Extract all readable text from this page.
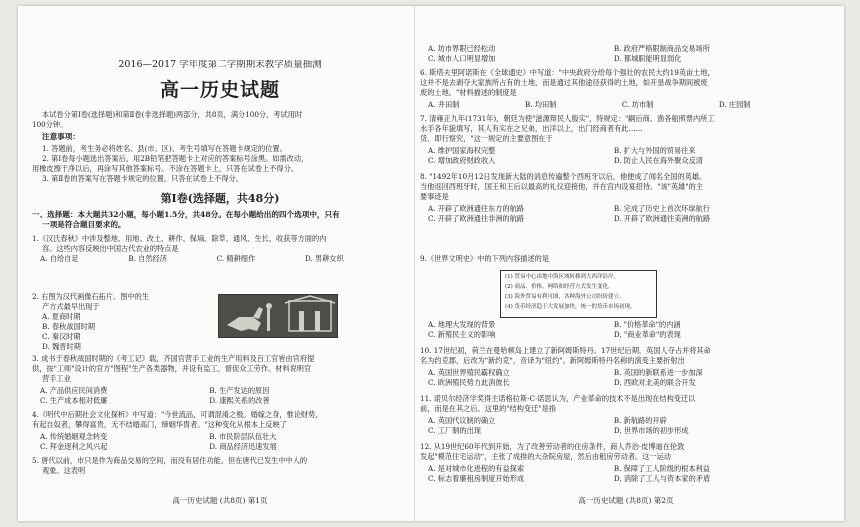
2016—2017 学年度第二学期期末教学质量抽测
高一历史试题
本试卷分第Ⅰ卷(选择题)和第Ⅱ卷(非选择题)两部分，共8页，满分100分，考试用时
100分钟。
注意事项：
1. 答题前，考生务必将姓名、县(市、区)、考生号填写在答题卡规定的位置。
2. 第Ⅰ卷每小题选出答案后，用2B铅笔把答题卡上对应的答案标号涂黑。如需改动，
用橡皮擦干净以后，再涂写其他答案标号。不涂在答题卡上，只答在试卷上不得分。
3. 第Ⅱ卷的答案写在答题卡规定的位置，只答在试卷上不得分。
第Ⅰ卷(选择题，共48分)
一、选择题：本大题共32小题，每小题1.5分，共48分。在每小题给出的四个选项中，只有
一项是符合题目要求的。
1.《汉氏春秋》中涉及整地、用地、改土、耕作、保墒、除草、通风、生长、收获等方面的内
容。这些内容反映出中国古代农业的特点是
A. 自给自足	B. 自然经济	C. 精耕细作	D. 男耕女织
2. 右图为汉代画像石拓片。图中的生
产方式最早出现于
A. 夏商时期
B. 春秋战国时期
C. 秦汉时期
D. 魏晋时期
3. 成书于春秋战国时期的《考工记》载，齐国官营手工业的生产用料及百工官皆由官府提
供，按"工师"设计的官方"图程"生产各类器物，并设有监工，督促众工劳作。材料说明官
营手工业
A. 产品供应民间消费	B. 生产发达的原因
C. 生产成本相对低廉	D. 康熙关系的改善
4.《明代中后期社会文化探析》中写道："今世流品，可谓混淆之极。婚嫁之身，惟论财势，
有起自奴者，攀得富贵，无不结婚高门，缔姻华胄者。"这种变化从根本上反映了
A. 传统婚姻观念转变	B. 市民阶层队伍壮大
C. 拜金逐利之风兴起	D. 商品经济迅速发展
5. 唐代以前，市只是作为商品交易的空间，而没有居住功能。但在唐代已发生中中人的
观象。这表明
高一历史试题 (共8页) 第1页
A. 坊市界限已经松动	B. 政府严格限制商品交易场所
C. 城市人口明显增加	D. 都城职能明显弱化
6. 斯塔夫里阿诺斯在《全球通史》中写道："中央政府分给每个强壮的农民大约19英亩土地，
这并不是去剥夺大家族所占有的土地，而是通过其他途径获得的土地，如开垦战争期间被废
废的土地。"材料描述的制度是
A. 井田制	B. 均田制	C. 坊市制	D. 庄园制
7. 清雍正九年(1731年)，朝廷为使"滋源辩民人殷实"，特规定："嗣后商、渔各船照票内所工
水手各年貌填写，其人有实在之兄弟，出洋以上，出门经商者有此……
货、即行察究，"这一规定的主要意图在于
A. 维护国家海权完整	B. 扩大与外国的贸易往来
C. 增加政府财政收入	D. 防止人民在海外聚众反清
8. "1492年10月12日发现新大陆的消息传遍整个西班牙以后，他便成了闻名全国的英雄。
当他返回西班牙时，国王和王后以最高的礼仪迎接他，并在宫内设宴招待。"该"英雄"的主
要事迹是
A. 开辟了欧洲通往东方的航路	B. 完成了历史上首次环球航行
C. 开辟了欧洲通往非洲的航路	D. 开辟了欧洲通往美洲的航路
9.《世界文明史》中的下列内容描述的是
(1) 贸易中心由地中海区域转移到大西洋沿岸。
(2) 商品、价格、网络和经营方式发生变化。
(3) 海外贸易有利可图，各种海外公司纷纷建立。
(4) 货币经济趋于大发展加快，统一的货币市场初现。
A. 地理大发现的背景	B. "价格革命"的内涵
C. 新殖民主义的影响	D. "商业革命"的表现
10. 17世纪初，荷兰在曼哈顿岛上建立了新阿姆斯特丹。17世纪后期，英国人夺占并将其命
名为约克郡，后改为"新约克"，音译为"纽约"。新阿姆斯特丹名称的演变主要折射出
A. 英国世界殖民霸权确立	B. 英国的新联系进一步加深
C. 欧洲殖民势力此消彼长	D. 西欧对北美的联合开发
11. 诺贝尔经济学奖得主诺格拉斯·C·诺思认为，产业革命的技术不是出现在结构变迁以
前，而是在其之后。这里的"结构变迁"是指
A. 英国代议制的确立	B. 新航路的开辟
C. 工厂制的出现	D. 世界市场的初步形成
12. 从19世纪60年代到开始，为了改善劳动者的住房条件，商人乔治·皮博迪在伦敦
发起"模范住宅运动"，主张了成排的大杂院房屋，然后由租房劳动者。这一运动
A. 是对城市化进程的有益探索	B. 保障了工人阶级的根本利益
C. 标志着廉租房制度开始形成	D. 消除了工人与资本家的矛盾
高一历史试题 (共8页) 第2页
